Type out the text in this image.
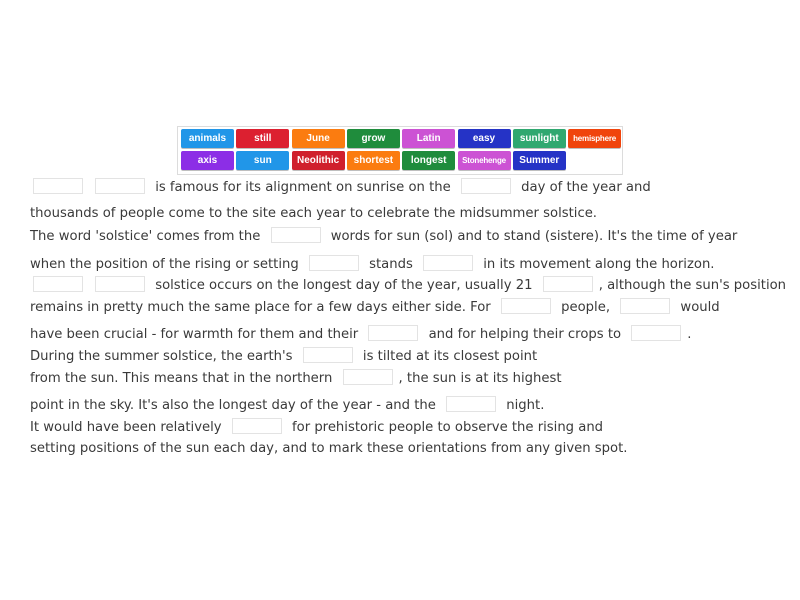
animals	still	June	grow	Latin	easy	sunlight	hemisphere
axis	sun	Neolithic	shortest	longest	Stonehenge	Summer
is famous for its alignment on sunrise on the	day of the year and
thousands of people come to the site each year to celebrate the midsummer solstice.
The word 'solstice' comes from the	words for sun (sol) and to stand (sistere). It's the time of year
when the position of the rising or setting	stands	in its movement along the horizon.
solstice occurs on the longest day of the year, usually 21	, although the sun's position
remains in pretty much the same place for a few days either side. For	people,	would
have been crucial - for warmth for them and their	and for helping their crops to	.
During the summer solstice, the earth's	is tilted at its closest point
from the sun. This means that in the northern	, the sun is at its highest
point in the sky. It's also the longest day of the year - and the	night.
It would have been relatively	for prehistoric people to observe the rising and
setting positions of the sun each day, and to mark these orientations from any given spot.
